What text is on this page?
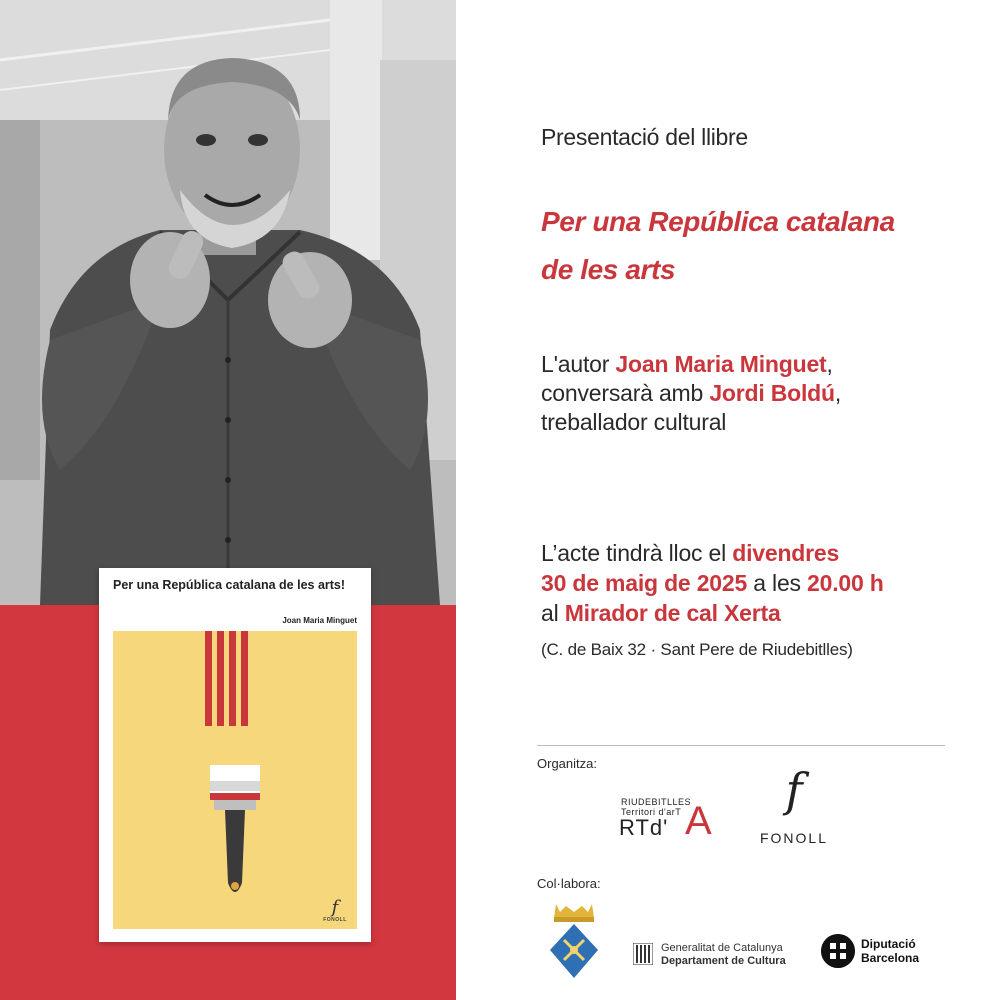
Per una República catalana de les arts!
Joan Maria Minguet
f
FONOLL
Presentació del llibre
Per una República catalana
de les arts
L'autor Joan Maria Minguet,
conversarà amb Jordi Boldú,
treballador cultural
L’acte tindrà lloc el divendres
30 de maig de 2025 a les 20.00 h
al Mirador de cal Xerta
(C. de Baix 32 · Sant Pere de Riudebitlles)
Organitza:
RIUDEBITLLES
Territori d'arT
RTd' A
f
FONOLL
Col·labora:
Generalitat de Catalunya
Departament de Cultura
Diputació
Barcelona
